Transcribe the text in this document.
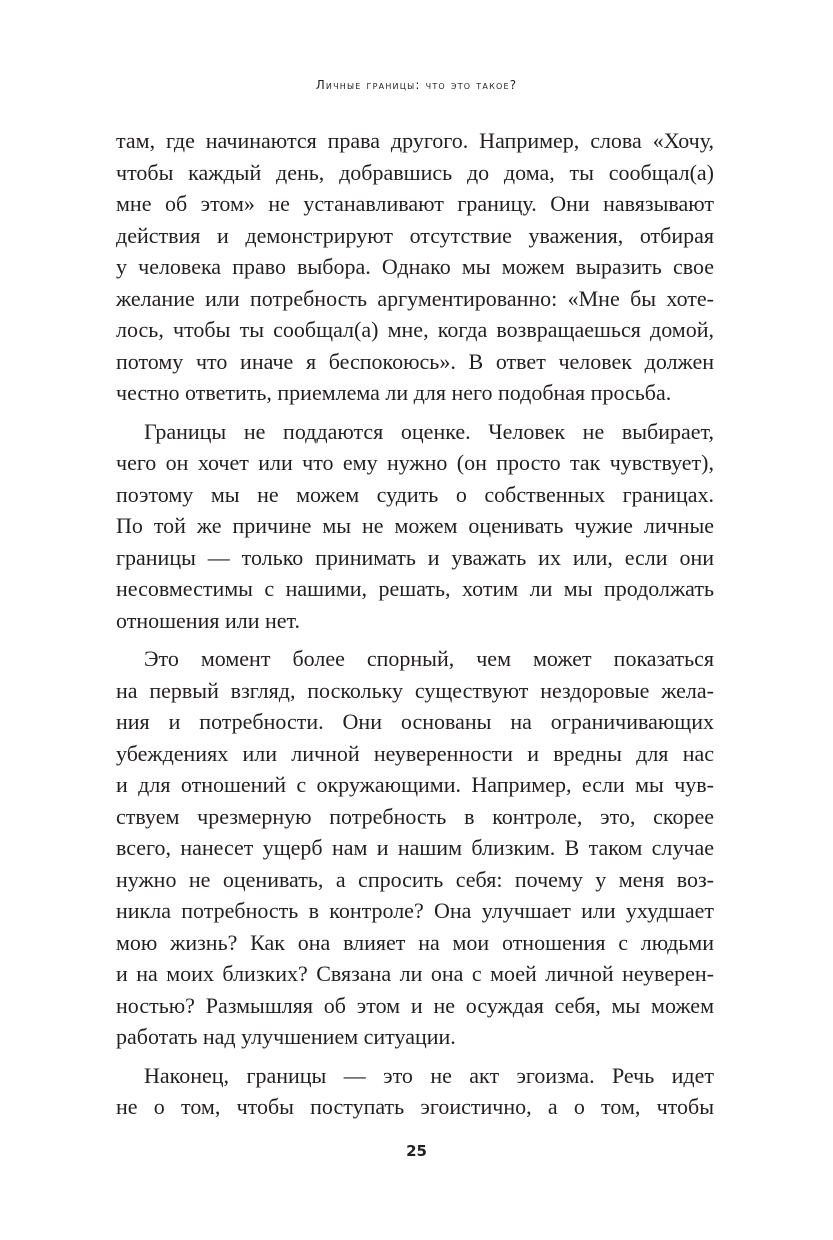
Личные границы: что это такое?
там, где начинаются права другого. Например, слова «Хочу,
чтобы каждый день, добравшись до дома, ты сообщал(а)
мне об этом» не устанавливают границу. Они навязывают
действия и демонстрируют отсутствие уважения, отбирая
у человека право выбора. Однако мы можем выразить свое
желание или потребность аргументированно: «Мне бы хоте-
лось, чтобы ты сообщал(а) мне, когда возвращаешься домой,
потому что иначе я беспокоюсь». В ответ человек должен
честно ответить, приемлема ли для него подобная просьба.
Границы не поддаются оценке. Человек не выбирает,
чего он хочет или что ему нужно (он просто так чувствует),
поэтому мы не можем судить о собственных границах.
По той же причине мы не можем оценивать чужие личные
границы — только принимать и уважать их или, если они
несовместимы с нашими, решать, хотим ли мы продолжать
отношения или нет.
Это момент более спорный, чем может показаться
на первый взгляд, поскольку существуют нездоровые жела-
ния и потребности. Они основаны на ограничивающих
убеждениях или личной неуверенности и вредны для нас
и для отношений с окружающими. Например, если мы чув-
ствуем чрезмерную потребность в контроле, это, скорее
всего, нанесет ущерб нам и нашим близким. В таком случае
нужно не оценивать, а спросить себя: почему у меня воз-
никла потребность в контроле? Она улучшает или ухудшает
мою жизнь? Как она влияет на мои отношения с людьми
и на моих близких? Связана ли она с моей личной неуверен-
ностью? Размышляя об этом и не осуждая себя, мы можем
работать над улучшением ситуации.
Наконец, границы — это не акт эгоизма. Речь идет
не о том, чтобы поступать эгоистично, а о том, чтобы
25
